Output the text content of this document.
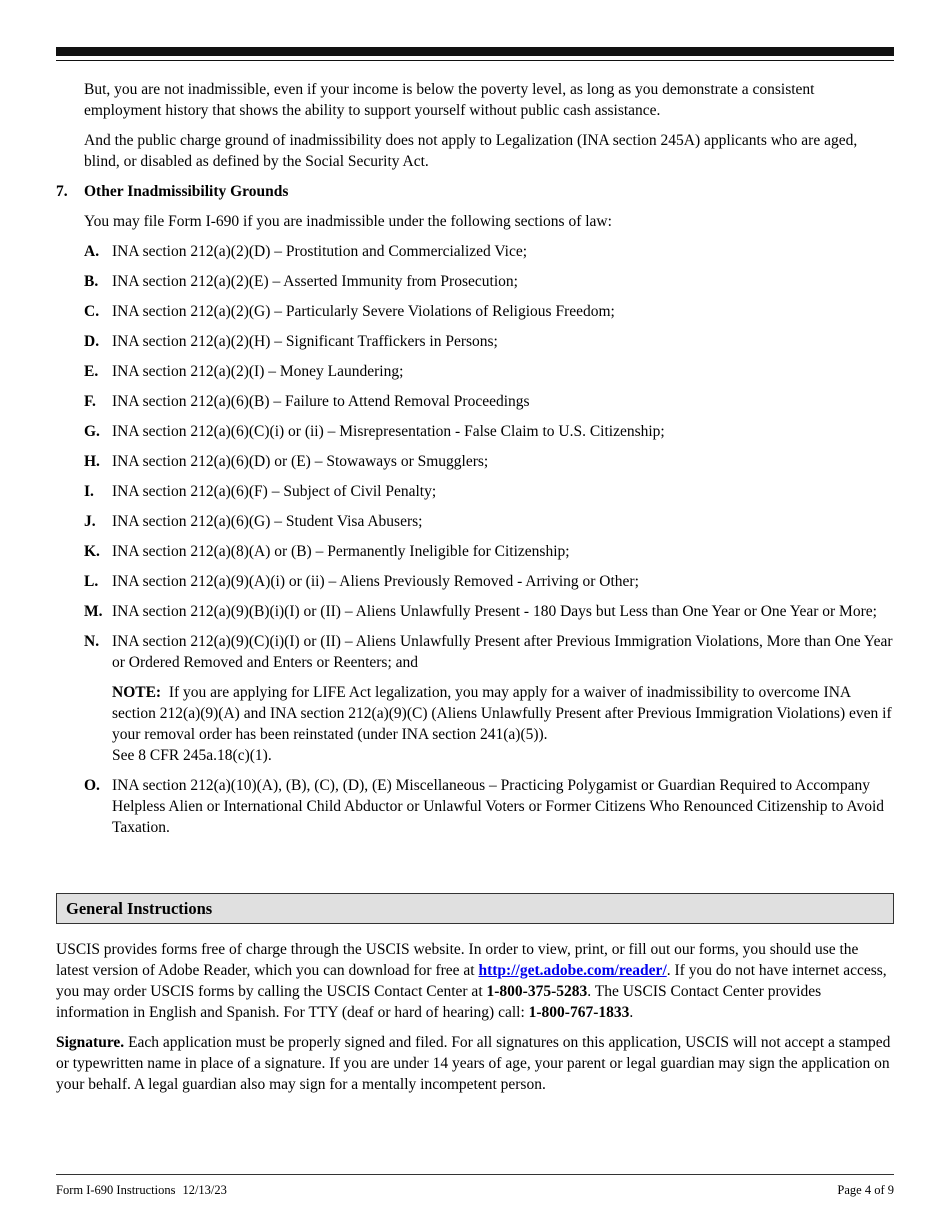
But, you are not inadmissible, even if your income is below the poverty level, as long as you demonstrate a consistent employment history that shows the ability to support yourself without public cash assistance.

And the public charge ground of inadmissibility does not apply to Legalization (INA section 245A) applicants who are aged, blind, or disabled as defined by the Social Security Act.

7. Other Inadmissibility Grounds

You may file Form I-690 if you are inadmissible under the following sections of law:

A. INA section 212(a)(2)(D) – Prostitution and Commercialized Vice;
B. INA section 212(a)(2)(E) – Asserted Immunity from Prosecution;
C. INA section 212(a)(2)(G) – Particularly Severe Violations of Religious Freedom;
D. INA section 212(a)(2)(H) – Significant Traffickers in Persons;
E. INA section 212(a)(2)(I) – Money Laundering;
F. INA section 212(a)(6)(B) – Failure to Attend Removal Proceedings
G. INA section 212(a)(6)(C)(i) or (ii) – Misrepresentation - False Claim to U.S. Citizenship;
H. INA section 212(a)(6)(D) or (E) – Stowaways or Smugglers;
I. INA section 212(a)(6)(F) – Subject of Civil Penalty;
J. INA section 212(a)(6)(G) – Student Visa Abusers;
K. INA section 212(a)(8)(A) or (B) – Permanently Ineligible for Citizenship;
L. INA section 212(a)(9)(A)(i) or (ii) – Aliens Previously Removed - Arriving or Other;
M. INA section 212(a)(9)(B)(i)(I) or (II) – Aliens Unlawfully Present - 180 Days but Less than One Year or One Year or More;
N. INA section 212(a)(9)(C)(i)(I) or (II) – Aliens Unlawfully Present after Previous Immigration Violations, More than One Year or Ordered Removed and Enters or Reenters; and
NOTE: If you are applying for LIFE Act legalization, you may apply for a waiver of inadmissibility to overcome INA section 212(a)(9)(A) and INA section 212(a)(9)(C) (Aliens Unlawfully Present after Previous Immigration Violations) even if your removal order has been reinstated (under INA section 241(a)(5)).
See 8 CFR 245a.18(c)(1).
O. INA section 212(a)(10)(A), (B), (C), (D), (E) Miscellaneous – Practicing Polygamist or Guardian Required to Accompany Helpless Alien or International Child Abductor or Unlawful Voters or Former Citizens Who Renounced Citizenship to Avoid Taxation.
General Instructions

USCIS provides forms free of charge through the USCIS website. In order to view, print, or fill out our forms, you should use the latest version of Adobe Reader, which you can download for free at http://get.adobe.com/reader/. If you do not have internet access, you may order USCIS forms by calling the USCIS Contact Center at 1-800-375-5283. The USCIS Contact Center provides information in English and Spanish. For TTY (deaf or hard of hearing) call: 1-800-767-1833.

Signature. Each application must be properly signed and filed. For all signatures on this application, USCIS will not accept a stamped or typewritten name in place of a signature. If you are under 14 years of age, your parent or legal guardian may sign the application on your behalf. A legal guardian also may sign for a mentally incompetent person.

Form I-690 Instructions 12/13/23	Page 4 of 9
